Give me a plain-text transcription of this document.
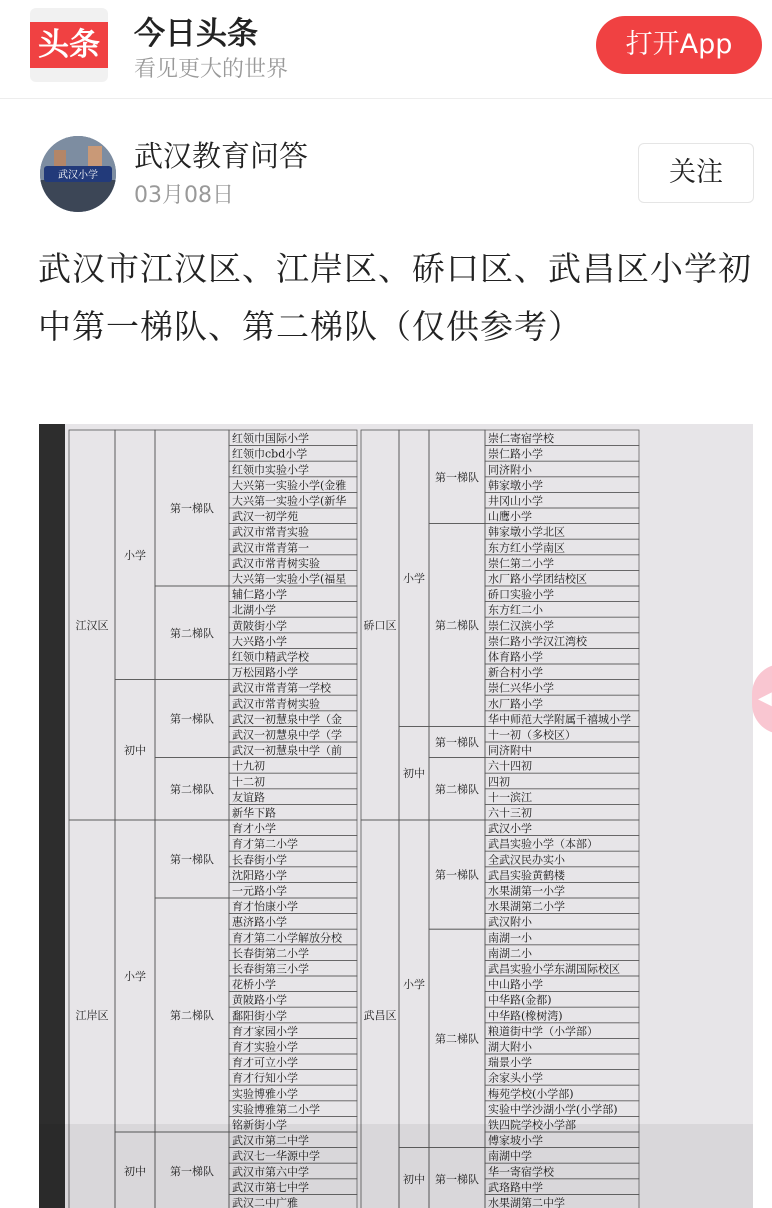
头条 今日头条
看见更大的世界
打开App
武汉小学
武汉教育问答
03月08日
关注
武汉市江汉区、江岸区、硚口区、武昌区小学初中第一梯队、第二梯队（仅供参考）
第一梯队
红领巾国际小学
红领巾cbd小学
红领巾实验小学
大兴第一实验小学(金雅
大兴第一实验小学(新华
武汉一初学苑
武汉市常青实验
武汉市常青第一
武汉市常青树实验
大兴第一实验小学(福星
第二梯队
辅仁路小学
北湖小学
黄陂街小学
大兴路小学
红领巾精武学校
万松园路小学
第一梯队
武汉市常青第一学校
武汉市常青树实验
武汉一初慧泉中学（金
武汉一初慧泉中学（学
武汉一初慧泉中学（前
第二梯队
十九初
十二初
友谊路
新华下路
第一梯队
育才小学
育才第二小学
长春街小学
沈阳路小学
一元路小学
第二梯队
育才怡康小学
惠济路小学
育才第二小学解放分校
长春街第二小学
长春街第三小学
花桥小学
黄陂路小学
鄱阳街小学
育才家园小学
育才实验小学
育才可立小学
育才行知小学
实验博雅小学
实验博雅第二小学
小学
初中
小学
江汉区
江岸区
第一梯队
崇仁寄宿学校
崇仁路小学
同济附小
韩家墩小学
井冈山小学
山鹰小学
第二梯队
韩家墩小学北区
东方红小学南区
崇仁第二小学
水厂路小学团结校区
硚口实验小学
东方红二小
崇仁汉滨小学
崇仁路小学汉江湾校
体育路小学
新合村小学
崇仁兴华小学
水厂路小学
华中师范大学附属千禧城小学
第一梯队
十一初（多校区）
同济附中
第二梯队
六十四初
四初
十一滨江
六十三初
第一梯队
武汉小学
武昌实验小学（本部）
全武汉民办实小
武昌实验黄鹤楼
水果湖第一小学
水果湖第二小学
武汉附小
第二梯队
南湖一小
南湖二小
武昌实验小学东湖国际校区
中山路小学
中华路(金都)
中华路(橡树湾)
粮道街中学（小学部）
湖大附小
瑞景小学
余家头小学
梅苑学校(小学部)
实验中学沙湖小学(小学部)
小学
初中
小学
硚口区
武昌区
◀
